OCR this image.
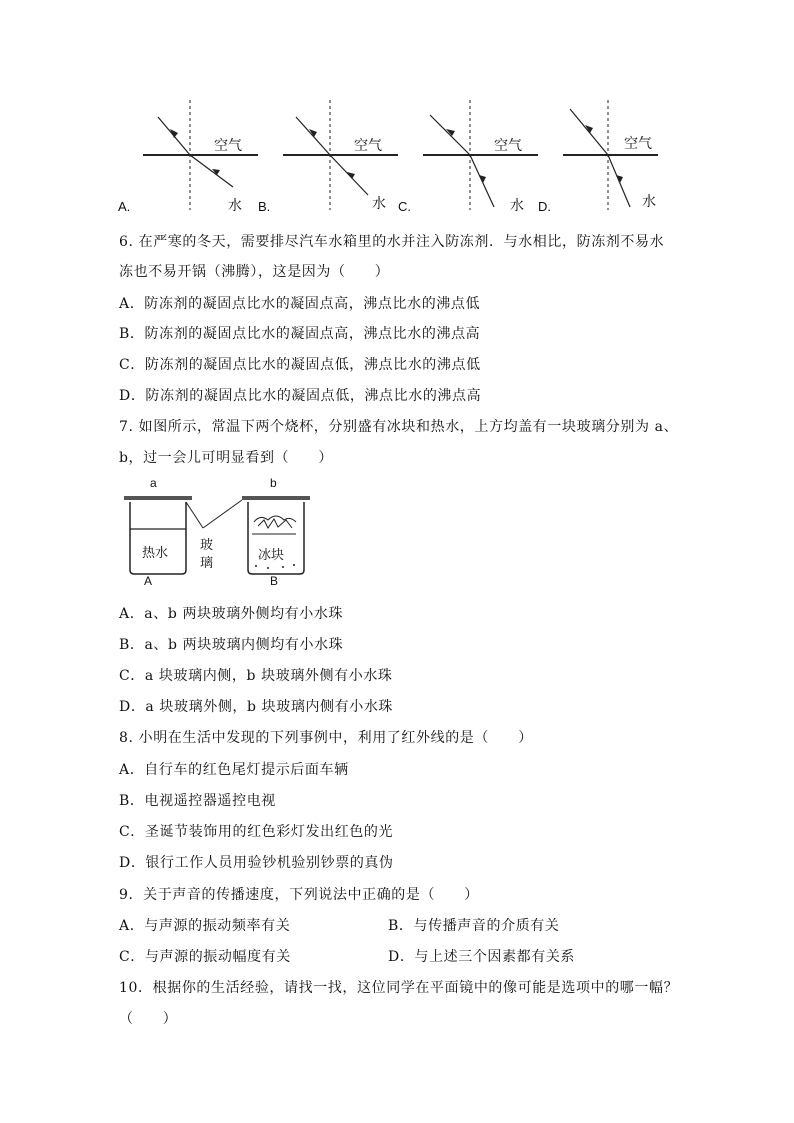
A.
空气
水 B.
空气
水 C.
空气
水 D.
空气
水
6. 在严寒的冬天，需要排尽汽车水箱里的水并注入防冻剂．与水相比，防冻剂不易水
冻也不易开锅（沸腾），这是因为（　　）
A．防冻剂的凝固点比水的凝固点高，沸点比水的沸点低
B．防冻剂的凝固点比水的凝固点高，沸点比水的沸点高
C．防冻剂的凝固点比水的凝固点低，沸点比水的沸点低
D．防冻剂的凝固点比水的凝固点低，沸点比水的沸点高
7. 如图所示，常温下两个烧杯，分别盛有冰块和热水，上方均盖有一块玻璃分别为 a、
b，过一会儿可明显看到（　　）
a	b
热水
玻
璃
冰块
A	B
A．a、b 两块玻璃外侧均有小水珠
B．a、b 两块玻璃内侧均有小水珠
C．a 块玻璃内侧，b 块玻璃外侧有小水珠
D．a 块玻璃外侧，b 块玻璃内侧有小水珠
8. 小明在生活中发现的下列事例中，利用了红外线的是（　　）
A．自行车的红色尾灯提示后面车辆
B．电视遥控器遥控电视
C．圣诞节装饰用的红色彩灯发出红色的光
D．银行工作人员用验钞机验别钞票的真伪
9．关于声音的传播速度，下列说法中正确的是（　　）
A．与声源的振动频率有关	B．与传播声音的介质有关
C．与声源的振动幅度有关	D．与上述三个因素都有关系
10．根据你的生活经验，请找一找，这位同学在平面镜中的像可能是选项中的哪一幅？
（　　）
